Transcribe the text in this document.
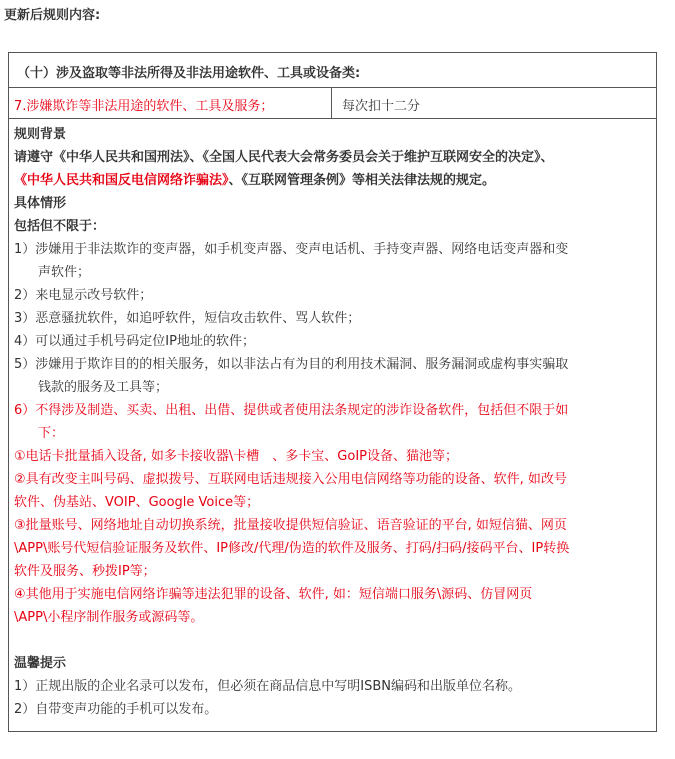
更新后规则内容:
（十）涉及盗取等非法所得及非法用途软件、工具或设备类:

7.涉嫌欺诈等非法用途的软件、工具及服务；	每次扣十二分

规则背景
请遵守《中华人民共和国刑法》、《全国人民代表大会常务委员会关于维护互联网安全的决定》、
《中华人民共和国反电信网络诈骗法》、《互联网管理条例》等相关法律法规的规定。
具体情形
包括但不限于：
1）涉嫌用于非法欺诈的变声器，如手机变声器、变声电话机、手持变声器、网络电话变声器和变
声软件；
2）来电显示改号软件；
3）恶意骚扰软件，如追呼软件，短信攻击软件、骂人软件；
4）可以通过手机号码定位IP地址的软件；
5）涉嫌用于欺诈目的的相关服务，如以非法占有为目的利用技术漏洞、服务漏洞或虚构事实骗取
钱款的服务及工具等；
6）不得涉及制造、买卖、出租、出借、提供或者使用法条规定的涉诈设备软件，包括但不限于如
下：
①电话卡批量插入设备, 如多卡接收器\卡槽　、多卡宝、GoIP设备、猫池等；
②具有改变主叫号码、虚拟拨号、互联网电话违规接入公用电信网络等功能的设备、软件, 如改号
软件、伪基站、VOIP、Google Voice等；
③批量账号、网络地址自动切换系统，批量接收提供短信验证、语音验证的平台, 如短信猫、网页
\APP\账号代短信验证服务及软件、IP修改/代理/伪造的软件及服务、打码/扫码/接码平台、IP转换
软件及服务、秒拨IP等；
④其他用于实施电信网络诈骗等违法犯罪的设备、软件, 如：短信端口服务\源码、仿冒网页
\APP\小程序制作服务或源码等。
温馨提示
1）正规出版的企业名录可以发布，但必须在商品信息中写明ISBN编码和出版单位名称。
2）自带变声功能的手机可以发布。
